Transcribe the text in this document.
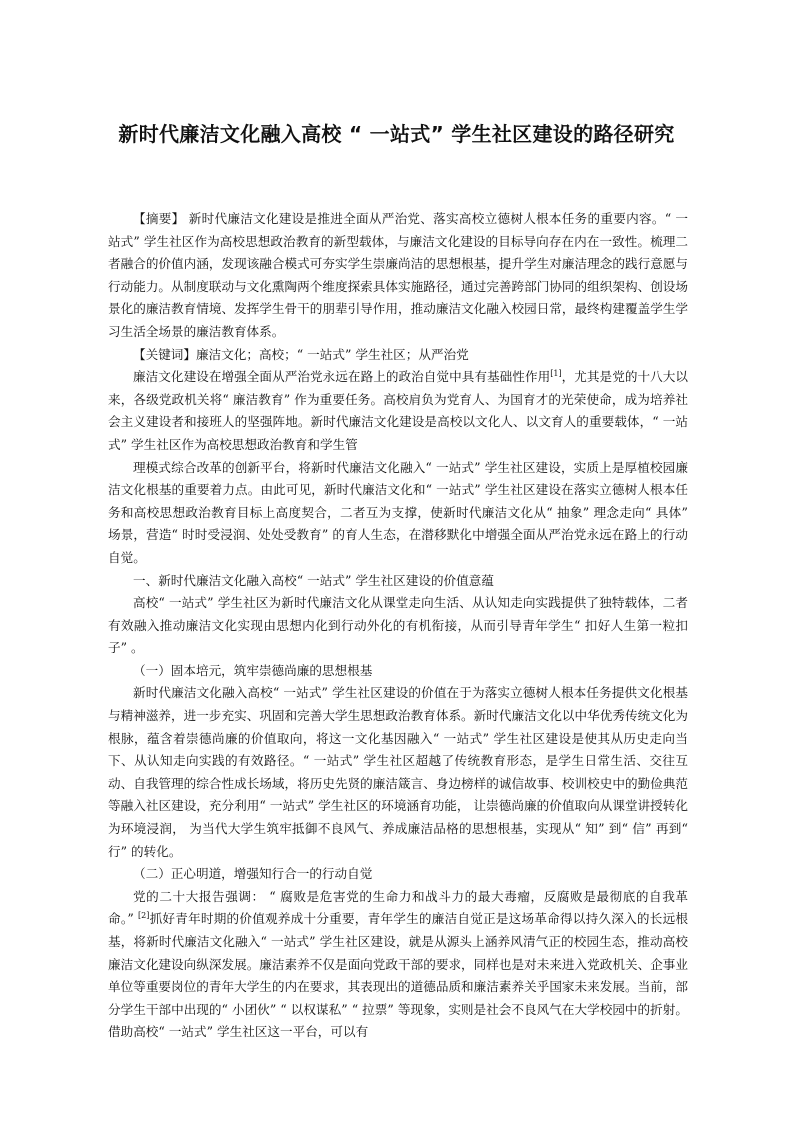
新时代廉洁文化融入高校 “ 一站式” 学生社区建设的路径研究

【摘要】 新时代廉洁文化建设是推进全面从严治党、落实高校立德树人根本任务的重要内容。“ 一站式” 学生社区作为高校思想政治教育的新型载体，与廉洁文化建设的目标导向存在内在一致性。梳理二者融合的价值内涵，发现该融合模式可夯实学生崇廉尚洁的思想根基，提升学生对廉洁理念的践行意愿与行动能力。从制度联动与文化熏陶两个维度探索具体实施路径，通过完善跨部门协同的组织架构、创设场景化的廉洁教育情境、发挥学生骨干的朋辈引导作用，推动廉洁文化融入校园日常，最终构建覆盖学生学习生活全场景的廉洁教育体系。

【关键词】廉洁文化；高校；“ 一站式” 学生社区；从严治党

廉洁文化建设在增强全面从严治党永远在路上的政治自觉中具有基础性作用[1]，尤其是党的十八大以来，各级党政机关将“ 廉洁教育” 作为重要任务。高校肩负为党育人、为国育才的光荣使命，成为培养社会主义建设者和接班人的坚强阵地。新时代廉洁文化建设是高校以文化人、以文育人的重要载体，“ 一站式” 学生社区作为高校思想政治教育和学生管

理模式综合改革的创新平台，将新时代廉洁文化融入“ 一站式” 学生社区建设，实质上是厚植校园廉洁文化根基的重要着力点。由此可见，新时代廉洁文化和“ 一站式” 学生社区建设在落实立德树人根本任务和高校思想政治教育目标上高度契合，二者互为支撑，使新时代廉洁文化从“ 抽象” 理念走向“ 具体” 场景，营造“ 时时受浸润、处处受教育” 的育人生态，在潜移默化中增强全面从严治党永远在路上的行动自觉。

一、新时代廉洁文化融入高校“ 一站式” 学生社区建设的价值意蕴

高校“ 一站式” 学生社区为新时代廉洁文化从课堂走向生活、从认知走向实践提供了独特载体，二者有效融入推动廉洁文化实现由思想内化到行动外化的有机衔接，从而引导青年学生“ 扣好人生第一粒扣子” 。

（一）固本培元，筑牢崇德尚廉的思想根基

新时代廉洁文化融入高校“ 一站式” 学生社区建设的价值在于为落实立德树人根本任务提供文化根基与精神滋养，进一步充实、巩固和完善大学生思想政治教育体系。新时代廉洁文化以中华优秀传统文化为根脉，蕴含着崇德尚廉的价值取向，将这一文化基因融入“ 一站式” 学生社区建设是使其从历史走向当下、从认知走向实践的有效路径。“ 一站式” 学生社区超越了传统教育形态，是学生日常生活、交往互动、自我管理的综合性成长场域，将历史先贤的廉洁箴言、身边榜样的诚信故事、校训校史中的勤俭典范等融入社区建设，充分利用“ 一站式” 学生社区的环境涵育功能， 让崇德尚廉的价值取向从课堂讲授转化为环境浸润， 为当代大学生筑牢抵御不良风气、养成廉洁品格的思想根基，实现从“ 知” 到“ 信” 再到“ 行” 的转化。

（二）正心明道，增强知行合一的行动自觉

党的二十大报告强调： “ 腐败是危害党的生命力和战斗力的最大毒瘤，反腐败是最彻底的自我革命。” [2]抓好青年时期的价值观养成十分重要，青年学生的廉洁自觉正是这场革命得以持久深入的长远根基，将新时代廉洁文化融入“ 一站式” 学生社区建设，就是从源头上涵养风清气正的校园生态，推动高校廉洁文化建设向纵深发展。廉洁素养不仅是面向党政干部的要求，同样也是对未来进入党政机关、企事业单位等重要岗位的青年大学生的内在要求，其表现出的道德品质和廉洁素养关乎国家未来发展。当前，部分学生干部中出现的“ 小团伙” “ 以权谋私” “ 拉票” 等现象，实则是社会不良风气在大学校园中的折射。借助高校“ 一站式” 学生社区这一平台，可以有
